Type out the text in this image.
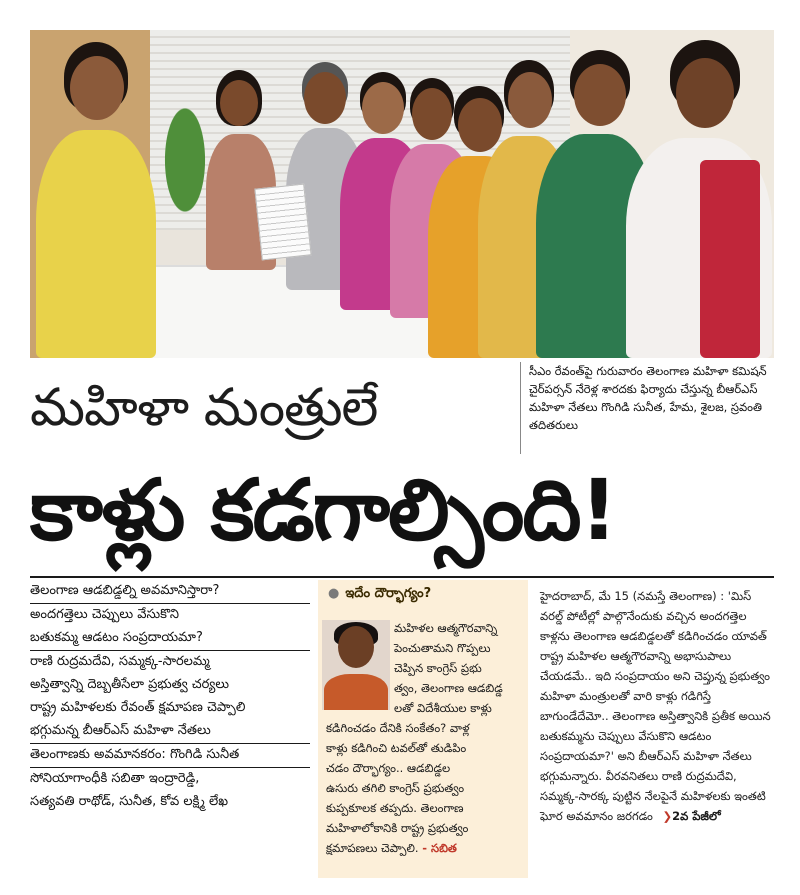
మహిళా మంత్రులే
సీఎం రేవంత్‌పై గురువారం తెలంగాణ మహిళా కమిషన్ చైర్‌పర్సన్ నేరెళ్ల శారదకు ఫిర్యాదు చేస్తున్న బీఆర్‌ఎస్ మహిళా నేతలు గొంగిడి సునీత, హేమ, శైలజ, స్రవంతి తదితరులు
కాళ్లు కడగాల్సింది!
తెలంగాణ ఆడబిడ్డల్ని అవమానిస్తారా?
అందగత్తెలు చెప్పులు వేసుకొని
బతుకమ్మ ఆడటం సంప్రదాయమా?
రాణి రుద్రమదేవి, సమ్మక్క-సారలమ్మ
అస్తిత్వాన్ని దెబ్బతీసేలా ప్రభుత్వ చర్యలు
రాష్ట్ర మహిళలకు రేవంత్ క్షమాపణ చెప్పాలి
భగ్గుమన్న బీఆర్‌ఎస్ మహిళా నేతలు
తెలంగాణకు అవమానకరం: గొంగిడి సునీత
సోనియాగాంధీకి సబితా ఇంద్రారెడ్డి,
సత్యవతి రాథోడ్, సునీత, కోవ లక్ష్మి లేఖ
● ఇదేం దౌర్భాగ్యం?
మహిళల ఆత్మగౌరవాన్ని
పెంచుతామని గొప్పలు
చెప్పిన కాంగ్రెస్ ప్రభు
త్వం, తెలంగాణ ఆడబిడ్డ
లతో విదేశీయుల కాళ్లు
కడిగించడం దేనికి సంకేతం? వాళ్ల
కాళ్లు కడిగించి టవల్‌తో తుడిపిం
చడం దౌర్భాగ్యం.. ఆడబిడ్డల
ఉసురు తగిలి కాంగ్రెస్ ప్రభుత్వం
కుప్పకూలక తప్పదు. తెలంగాణ
మహిళాలోకానికి రాష్ట్ర ప్రభుత్వం
క్షమాపణలు చెప్పాలి. - సబిత
హైదరాబాద్, మే 15 (నమస్తే తెలంగాణ) : 'మిస్ వరల్డ్ పోటీల్లో పాల్గొనేందుకు వచ్చిన అందగత్తెల కాళ్లను తెలంగాణ ఆడబిడ్డలతో కడిగించడం యావత్ రాష్ట్ర మహిళల ఆత్మగౌరవాన్ని అభాసుపాలు చేయడమే.. ఇది సంప్రదాయం అని చెప్తున్న ప్రభుత్వం మహిళా మంత్రులతో వారి కాళ్లు గడిగిస్తే బాగుండేదేమో.. తెలంగాణ అస్తిత్వానికి ప్రతీక అయిన బతుకమ్మను చెప్పులు వేసుకొని ఆడటం సంప్రదాయమా?' అని బీఆర్‌ఎస్ మహిళా నేతలు భగ్గుమన్నారు. వీరవనితలు రాణి రుద్రమదేవి, సమ్మక్క-సారక్క పుట్టిన నేలపైనే మహిళలకు ఇంతటి ఘోర అవమానం జరగడం ❯2వ పేజీలో
